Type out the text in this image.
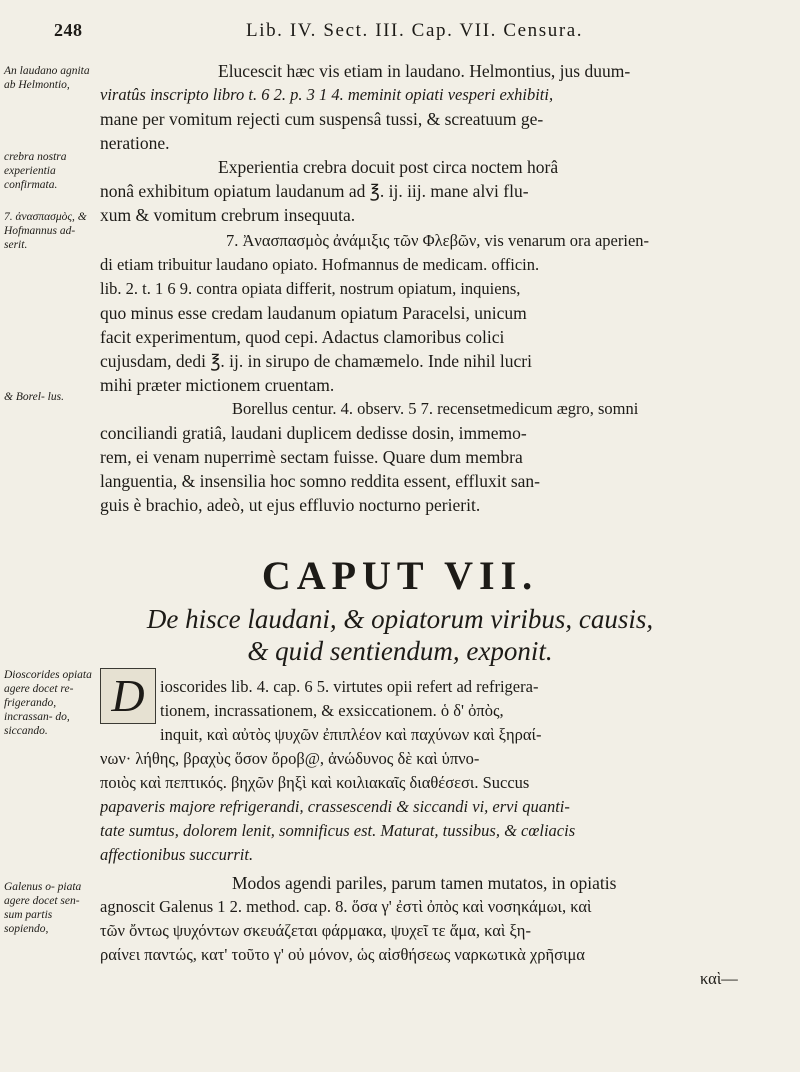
248	Lib. IV. Sect. III. Cap. VII. Censura.
An laudano agnita ab Helmontio,
crebra nostra experientia confirmata.
7. ἀνασπασμὸς, & Hofmannus ad- serit.
& Borel- lus.
Dioscorides opiata agere docet re- frigerando, incrassan- do, siccando.
Galenus o- piata agere docet sen- sum partis sopiendo,
Elucescit hæc vis etiam in laudano. Helmontius, jus duum-
viratûs inscripto libro t. 6 2. p. 3 1 4. meminit opiati vesperi exhibiti,
mane per vomitum rejecti cum suspensâ tussi, & screatuum ge-
neratione.
Experientia crebra docuit post circa noctem horâ
nonâ exhibitum opiatum laudanum ad ℥. ij. iij. mane alvi flu-
xum & vomitum crebrum insequuta.
7. Ἀνασπασμὸς ἀνάμιξις τῶν Φλεβῶν, vis venarum ora aperien-
di etiam tribuitur laudano opiato. Hofmannus de medicam. officin.
lib. 2. t. 1 6 9. contra opiata differit, nostrum opiatum, inquiens,
quo minus esse credam laudanum opiatum Paracelsi, unicum
facit experimentum, quod cepi. Adactus clamoribus colici
cujusdam, dedi ℥. ij. in sirupo de chamæmelo. Inde nihil lucri
mihi præter mictionem cruentam.
Borellus centur. 4. observ. 5 7. recensetmedicum ægro, somni
conciliandi gratiâ, laudani duplicem dedisse dosin, immemo-
rem, ei venam nuperrimè sectam fuisse. Quare dum membra
languentia, & insensilia hoc somno reddita essent, effluxit san-
guis è brachio, adeò, ut ejus effluvio nocturno perierit.
CAPUT VII.
De hisce laudani, & opiatorum viribus, causis,
& quid sentiendum, exponit.
D ioscorides lib. 4. cap. 6 5. virtutes opii refert ad refrigera-
tionem, incrassationem, & exsiccationem. ὁ δ' ὀπὸς,
inquit, καὶ αὐτὸς ψυχῶν ἐπιπλέον καὶ παχύνων καὶ ξηραί-
νων· λήθης, βραχὺς ὅσον ὄροβ@, ἀνώδυνος δὲ καὶ ὑπνο-
ποιὸς καὶ πεπτικός. βηχῶν βηξὶ καὶ κοιλιακαῖς διαθέσεσι. Succus
papaveris majore refrigerandi, crassescendi & siccandi vi, ervi quanti-
tate sumtus, dolorem lenit, somnificus est. Maturat, tussibus, & cœliacis
affectionibus succurrit.
Modos agendi pariles, parum tamen mutatos, in opiatis
agnoscit Galenus 1 2. method. cap. 8. ὅσα γ' ἐστὶ ὀπὸς καὶ νοσηκάμωι, καὶ
τῶν ὄντως ψυχόντων σκευάζεται φάρμακα, ψυχεῖ τε ἅμα, καὶ ξη-
ραίνει παντώς, κατ' τοῦτο γ' οὐ μόνον, ὡς αἰσθήσεως ναρκωτικὰ χρῆσιμα
καὶ—
